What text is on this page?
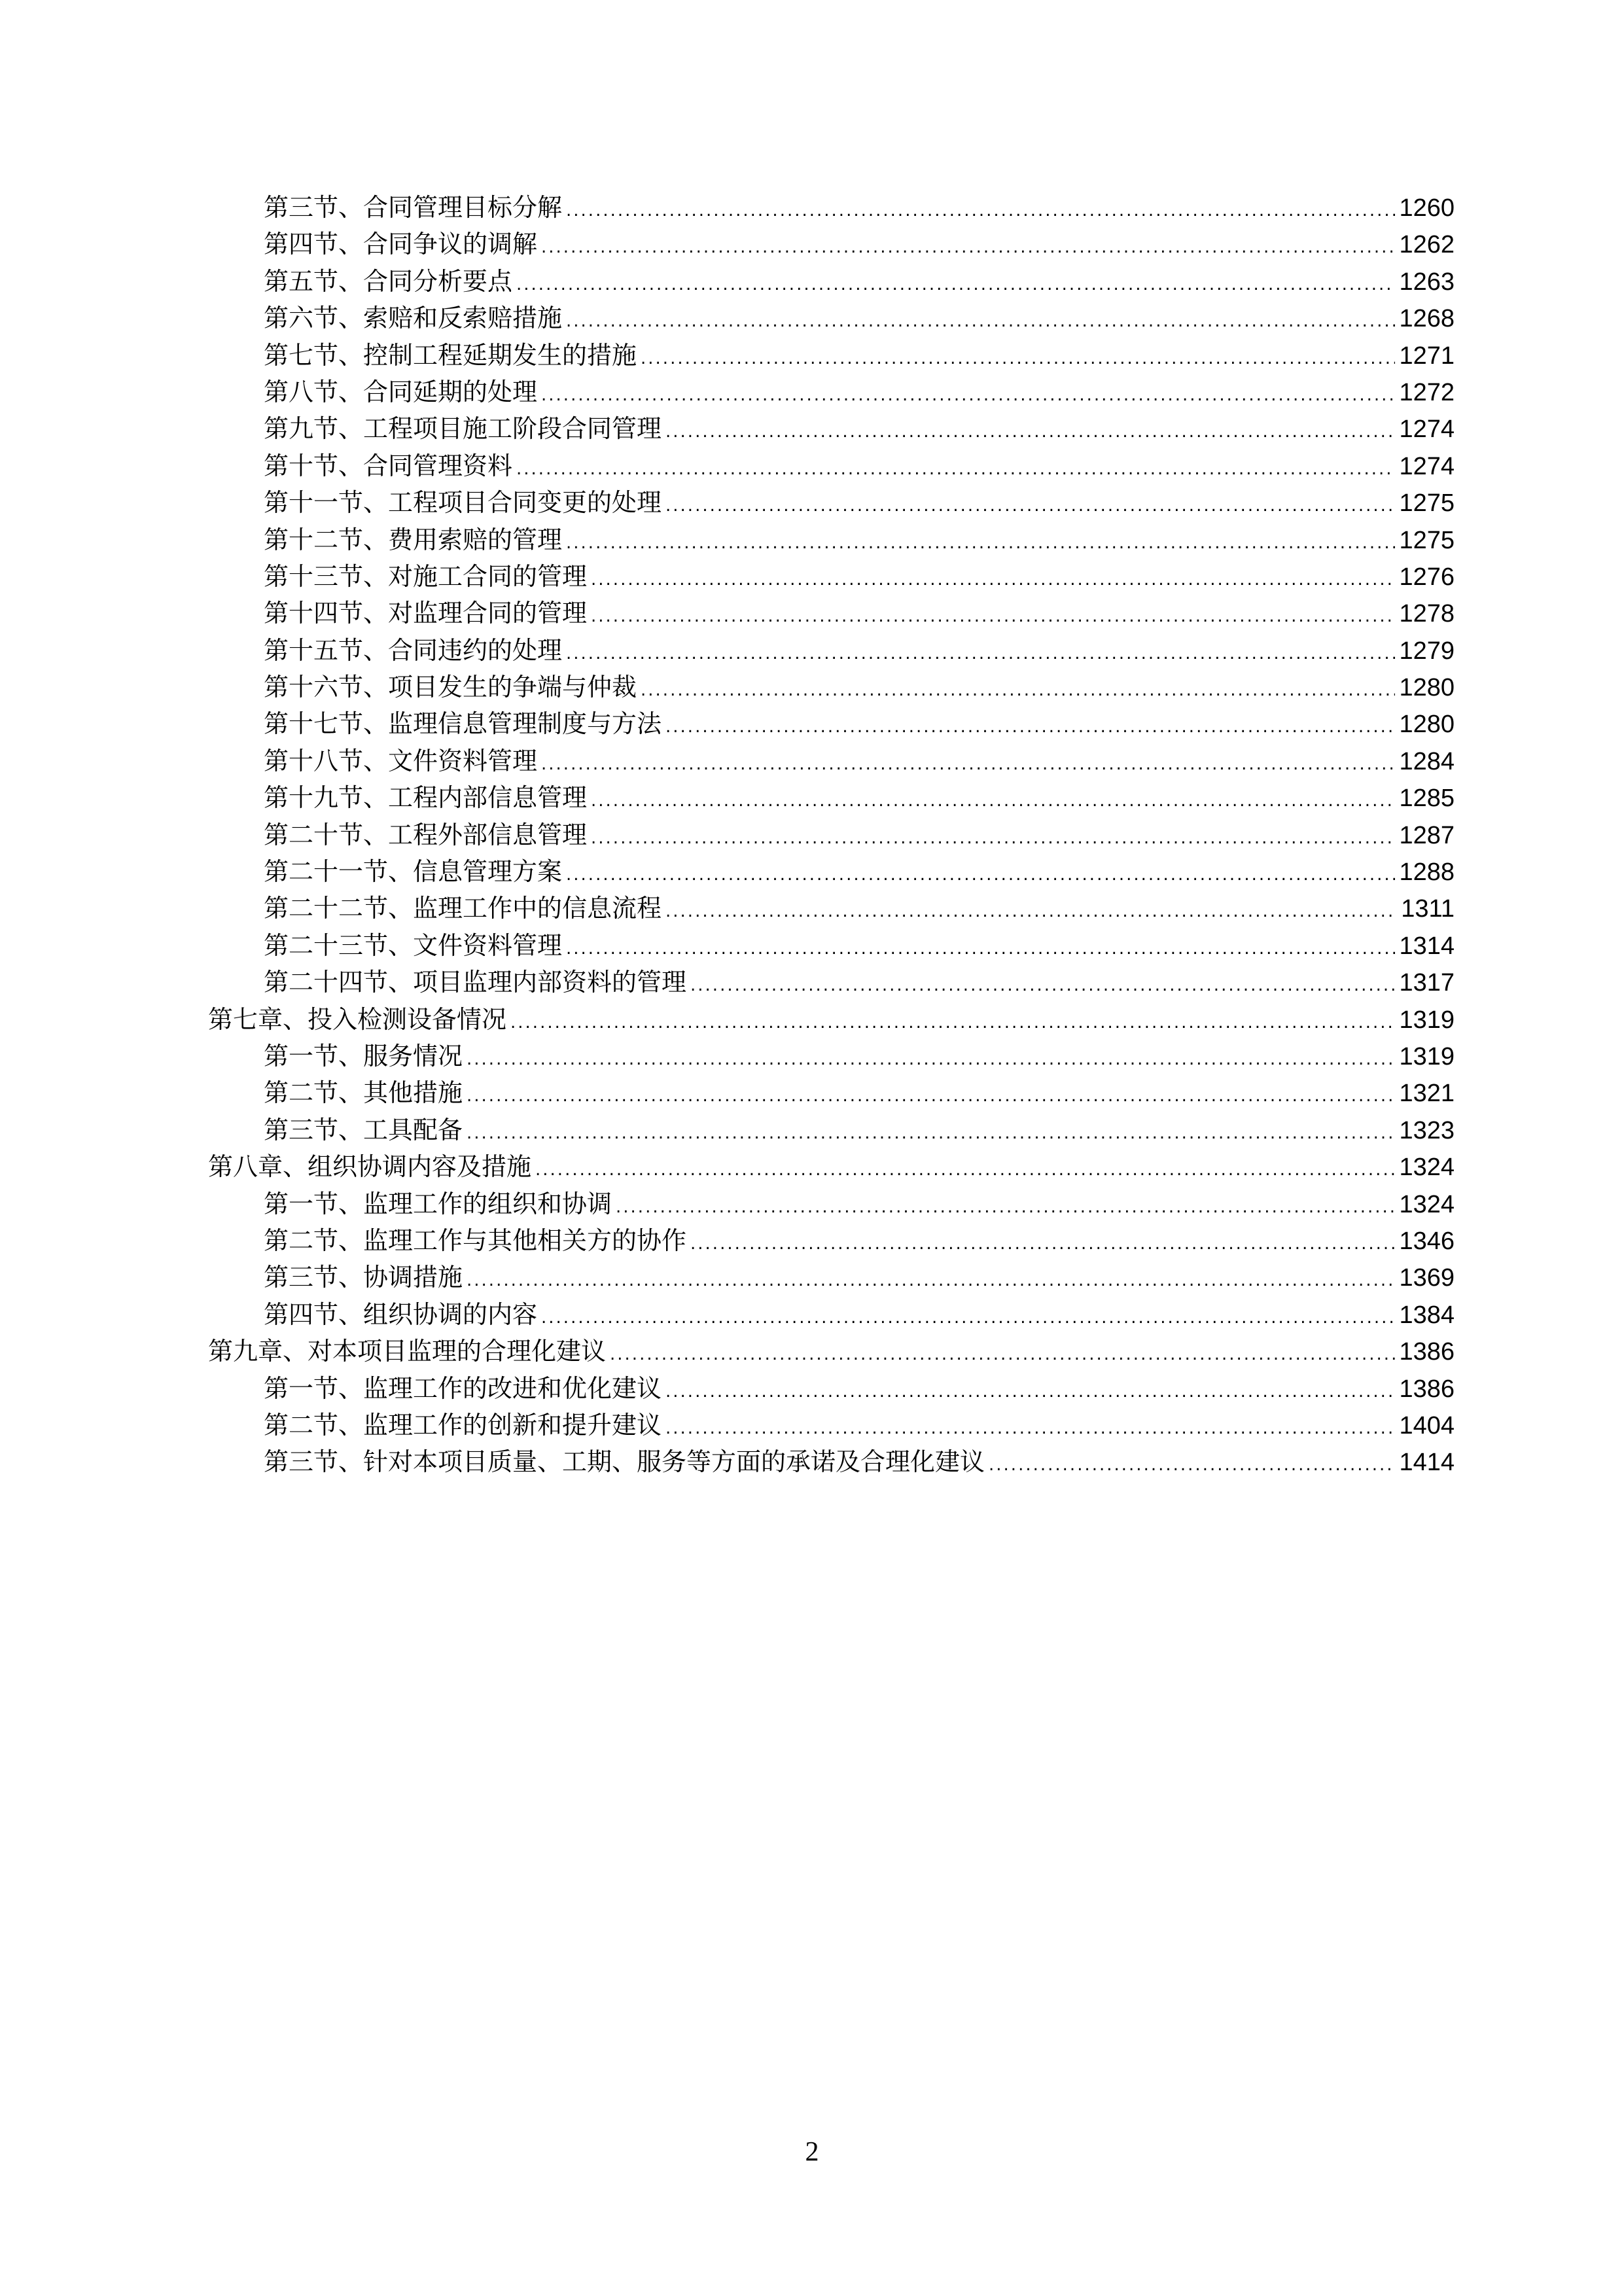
第三节、合同管理目标分解 .....	1260
第四节、合同争议的调解 .....	1262
第五节、合同分析要点 .....	1263
第六节、索赔和反索赔措施 .....	1268
第七节、控制工程延期发生的措施 .....	1271
第八节、合同延期的处理 .....	1272
第九节、工程项目施工阶段合同管理 .....	1274
第十节、合同管理资料 .....	1274
第十一节、工程项目合同变更的处理 .....	1275
第十二节、费用索赔的管理 .....	1275
第十三节、对施工合同的管理 .....	1276
第十四节、对监理合同的管理 .....	1278
第十五节、合同违约的处理 .....	1279
第十六节、项目发生的争端与仲裁 .....	1280
第十七节、监理信息管理制度与方法 .....	1280
第十八节、文件资料管理 .....	1284
第十九节、工程内部信息管理 .....	1285
第二十节、工程外部信息管理 .....	1287
第二十一节、信息管理方案 .....	1288
第二十二节、监理工作中的信息流程 .....	1311
第二十三节、文件资料管理 .....	1314
第二十四节、项目监理内部资料的管理 .....	1317
第七章、投入检测设备情况 .....	1319
第一节、服务情况 .....	1319
第二节、其他措施 .....	1321
第三节、工具配备 .....	1323
第八章、组织协调内容及措施 .....	1324
第一节、监理工作的组织和协调 .....	1324
第二节、监理工作与其他相关方的协作 .....	1346
第三节、协调措施 .....	1369
第四节、组织协调的内容 .....	1384
第九章、对本项目监理的合理化建议 .....	1386
第一节、监理工作的改进和优化建议 .....	1386
第二节、监理工作的创新和提升建议 .....	1404
第三节、针对本项目质量、工期、服务等方面的承诺及合理化建议 .....	1414
2
